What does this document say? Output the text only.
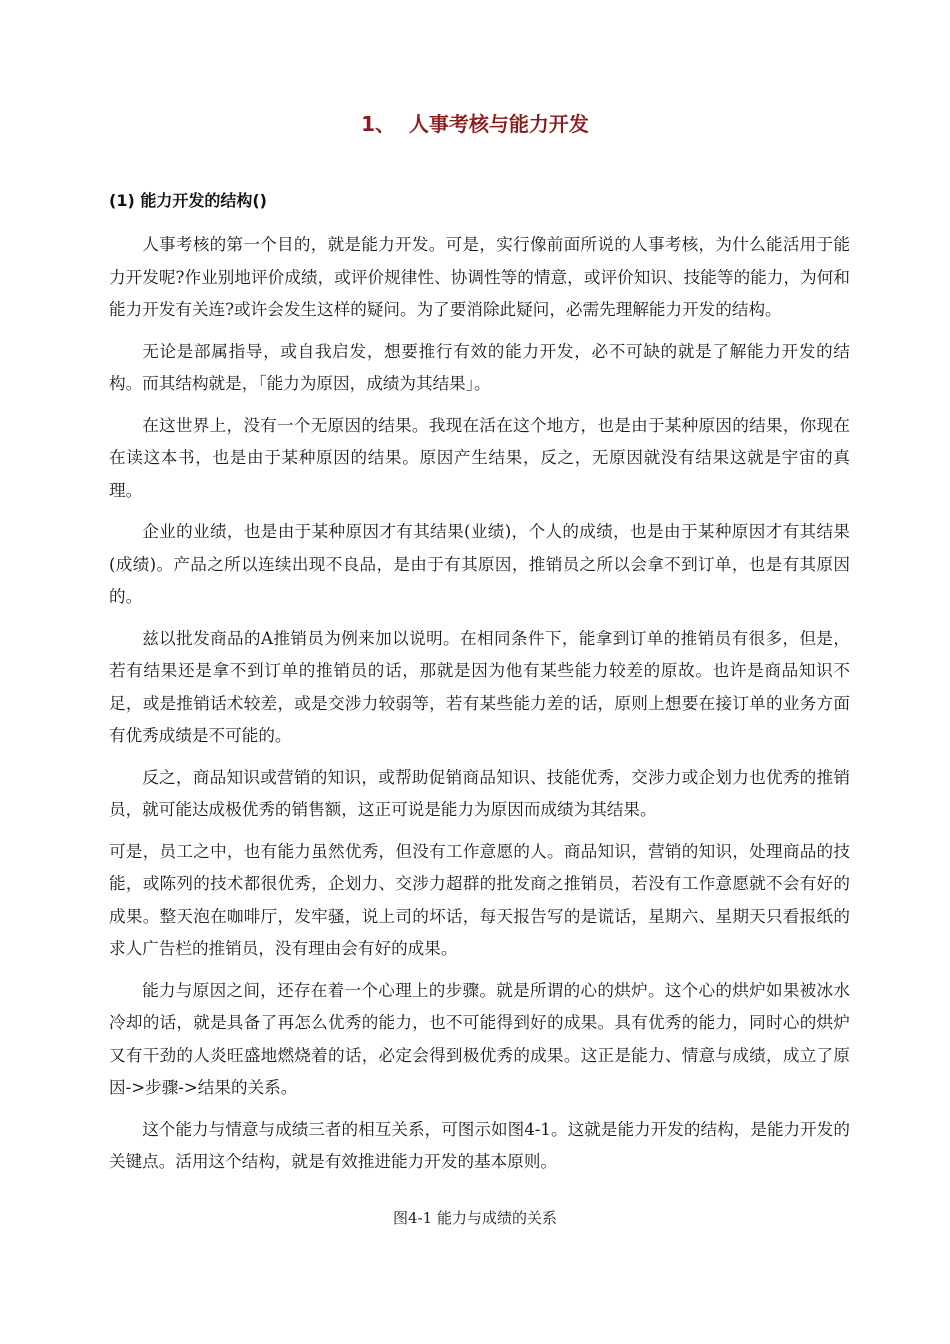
1、  人事考核与能力开发
(1) 能力开发的结构()

人事考核的第一个目的，就是能力开发。可是，实行像前面所说的人事考核，为什么能活用于能力开发呢?作业别地评价成绩，或评价规律性、协调性等的情意，或评价知识、技能等的能力，为何和能力开发有关连?或许会发生这样的疑问。为了要消除此疑问，必需先理解能力开发的结构。

无论是部属指导，或自我启发，想要推行有效的能力开发，必不可缺的就是了解能力开发的结构。而其结构就是，「能力为原因，成绩为其结果」。

在这世界上，没有一个无原因的结果。我现在活在这个地方，也是由于某种原因的结果，你现在在读这本书，也是由于某种原因的结果。原因产生结果，反之，无原因就没有结果这就是宇宙的真理。

企业的业绩，也是由于某种原因才有其结果(业绩)，个人的成绩，也是由于某种原因才有其结果(成绩)。产品之所以连续出现不良品，是由于有其原因，推销员之所以会拿不到订单，也是有其原因的。

兹以批发商品的A推销员为例来加以说明。在相同条件下，能拿到订单的推销员有很多，但是，若有结果还是拿不到订单的推销员的话，那就是因为他有某些能力较差的原故。也许是商品知识不足，或是推销话术较差，或是交涉力较弱等，若有某些能力差的话，原则上想要在接订单的业务方面有优秀成绩是不可能的。

反之，商品知识或营销的知识，或帮助促销商品知识、技能优秀，交涉力或企划力也优秀的推销员，就可能达成极优秀的销售额，这正可说是能力为原因而成绩为其结果。

可是，员工之中，也有能力虽然优秀，但没有工作意愿的人。商品知识，营销的知识，处理商品的技能，或陈列的技术都很优秀，企划力、交涉力超群的批发商之推销员，若没有工作意愿就不会有好的成果。整天泡在咖啡厅，发牢骚，说上司的坏话，每天报告写的是谎话，星期六、星期天只看报纸的求人广告栏的推销员，没有理由会有好的成果。

能力与原因之间，还存在着一个心理上的步骤。就是所谓的心的烘炉。这个心的烘炉如果被冰水冷却的话，就是具备了再怎么优秀的能力，也不可能得到好的成果。具有优秀的能力，同时心的烘炉又有干劲的人炎旺盛地燃烧着的话，必定会得到极优秀的成果。这正是能力、情意与成绩，成立了原因->步骤->结果的关系。

这个能力与情意与成绩三者的相互关系，可图示如图4-1。这就是能力开发的结构，是能力开发的关键点。活用这个结构，就是有效推进能力开发的基本原则。

图4-1 能力与成绩的关系
